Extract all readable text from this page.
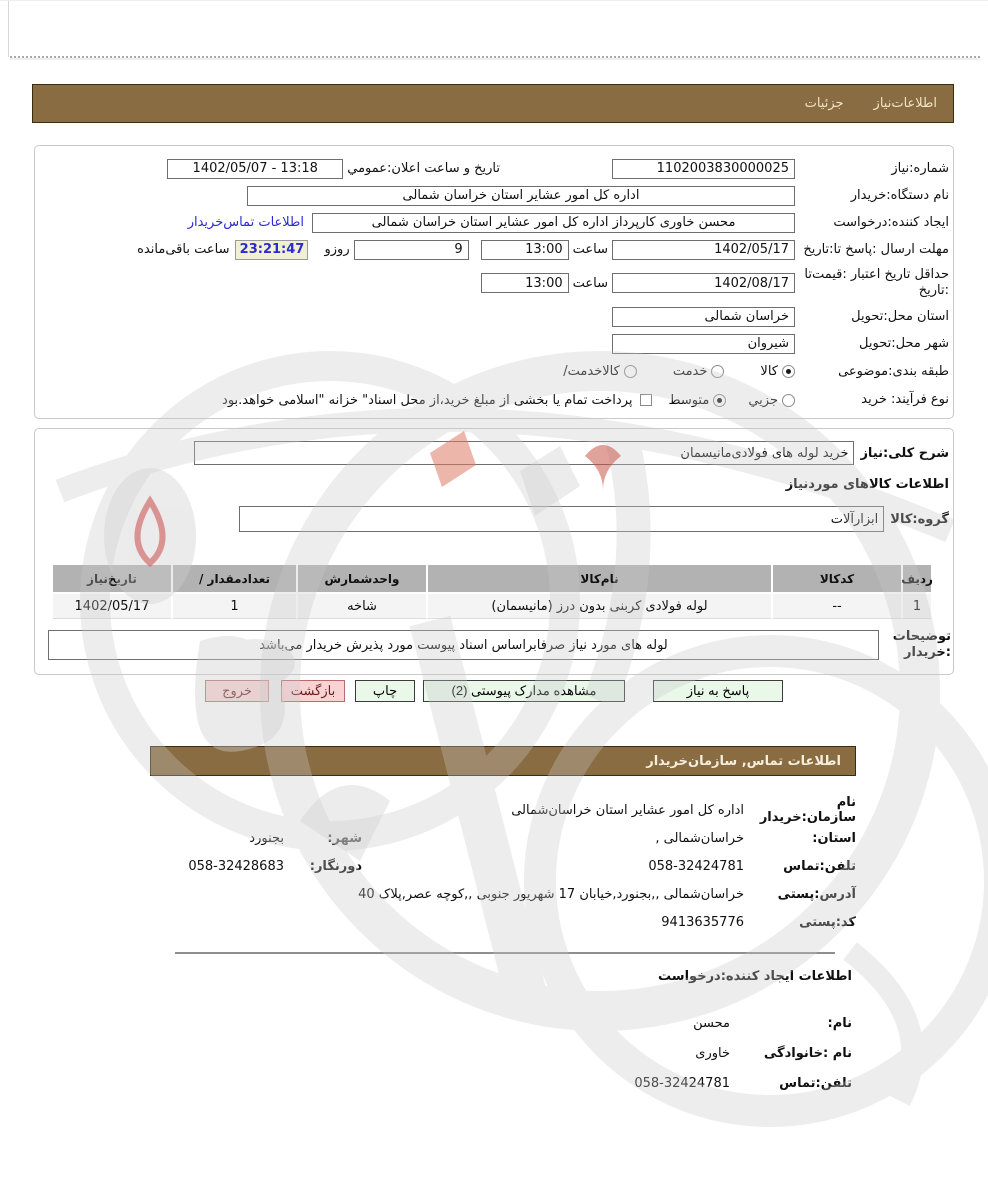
اطلاعات‌نیاز
جزئیات
شماره:نیاز
1102003830000025
تاریخ و ساعت اعلان:عمومي
1402/05/07 - 13:18
نام دستگاه:خریدار
اداره کل امور عشایر استان خراسان شمالی
ایجاد کننده:درخواست
محسن خاوری کارپرداز اداره کل امور عشایر استان خراسان شمالی
اطلاعات تماس‌خریدار
مهلت ارسال :پاسخ تا:تاریخ
1402/05/17
ساعت
13:00
9
روزو
23:21:47
ساعت باقی‌مانده
حداقل تاریخ اعتبار :قیمت‌تا :تاریخ
1402/08/17
ساعت
13:00
استان محل:تحویل
خراسان شمالی
شهر محل:تحویل
شیروان
طبقه بندی:موضوعی
کالا
خدمت
کالاخدمت/
نوع فرآیند: خرید
جزیي
متوسط
پرداخت تمام یا بخشی از مبلغ خرید،از محل اسناد" خزانه "اسلامی خواهد.بود
شرح کلی:نیاز
خرید لوله های فولادی‌مانیسمان
اطلاعات کالاهای موردنیاز
گروه:کالا
ابزارآلات
ردیف
کدکالا
نام‌کالا
واحدشمارش
تعدادمقدار /
تاریخ‌نیاز
1
--
لوله فولادی کربنی بدون درز (مانیسمان)
شاخه
1
1402/05/17
توضیحات :خریدار
لوله های مورد نیاز صرفابراساس اسناد پیوست مورد پذیرش خریدار می‌باشد
پاسخ به نیاز
مشاهده مدارک پیوستی (2)
چاپ
بازگشت
خروج
اطلاعات تماس, سازمان‌خریدار
نام سازمان:خریدار
اداره کل امور عشایر استان خراسان‌شمالی
استان:
خراسان‌شمالی ,
شهر:
بجنورد
تلفن:تماس
058-32424781
دورنگار:
058-32428683
آدرس:پستی
خراسان‌شمالی ,,بجنورد,خیابان 17 شهریور جنوبی ,,کوچه عصر,پلاک 40
کد:پستی
9413635776
اطلاعات ایجاد کننده:درخواست
نام:
محسن
نام :خانوادگی
خاوری
تلفن:تماس
058-32424781
